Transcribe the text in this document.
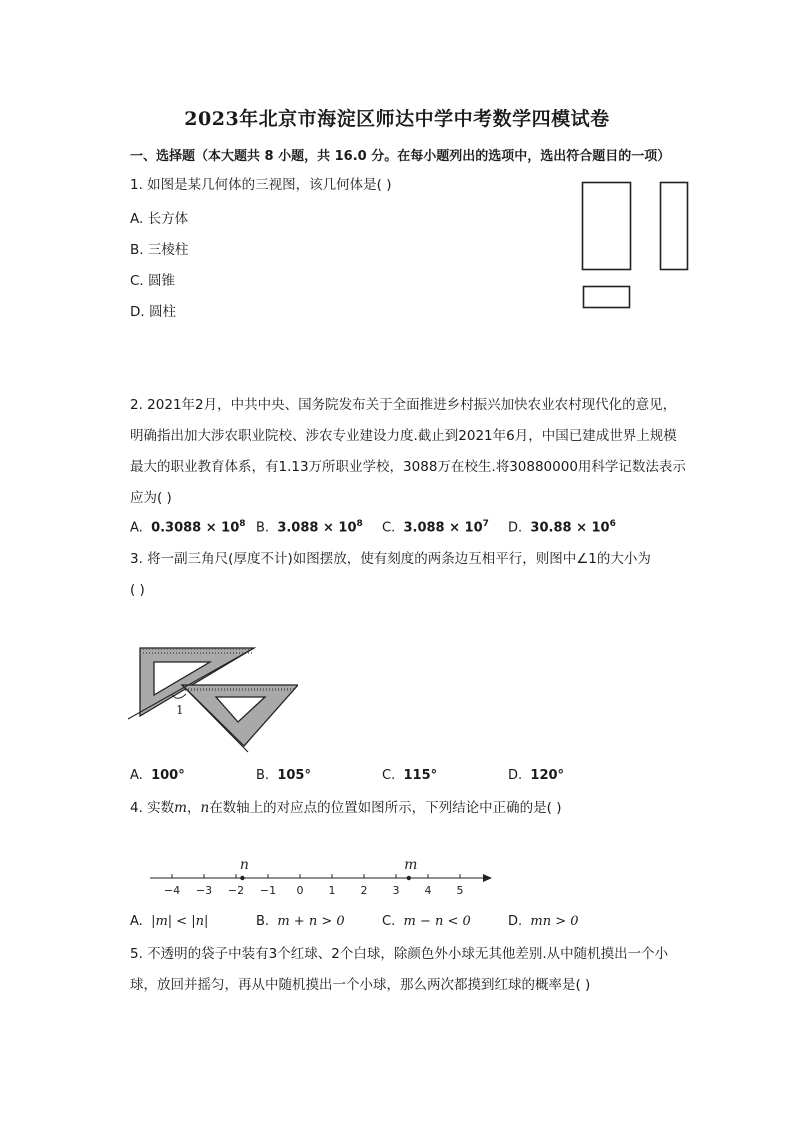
2023年北京市海淀区师达中学中考数学四模试卷
一、选择题（本大题共 8 小题，共 16.0 分。在每小题列出的选项中，选出符合题目的一项）
1. 如图是某几何体的三视图，该几何体是( )
A. 长方体
B. 三棱柱
C. 圆锥
D. 圆柱
2. 2021年2月，中共中央、国务院发布关于全面推进乡村振兴加快农业农村现代化的意见，
明确指出加大涉农职业院校、涉农专业建设力度.截止到2021年6月，中国已建成世界上规模
最大的职业教育体系，有1.13万所职业学校，3088万在校生.将30880000用科学记数法表示
应为( )
A. $0.3088 \times 10^8$ B. $3.088 \times 10^8$ C. $3.088 \times 10^7$ D. $30.88 \times 10^6$
3. 将一副三角尺(厚度不计)如图摆放，使有刻度的两条边互相平行，则图中∠1的大小为
( )
1
A. 100°	B. 105°	C. 115°	D. 120°
4. 实数m，n在数轴上的对应点的位置如图所示，下列结论中正确的是( )
−4 −3 −2 −1 0 1 2 3 4 5
n	m
A. |m| < |n|	B. m + n > 0	C. m − n < 0	D. mn > 0
5. 不透明的袋子中装有3个红球、2个白球，除颜色外小球无其他差别.从中随机摸出一个小
球，放回并摇匀，再从中随机摸出一个小球，那么两次都摸到红球的概率是( )
